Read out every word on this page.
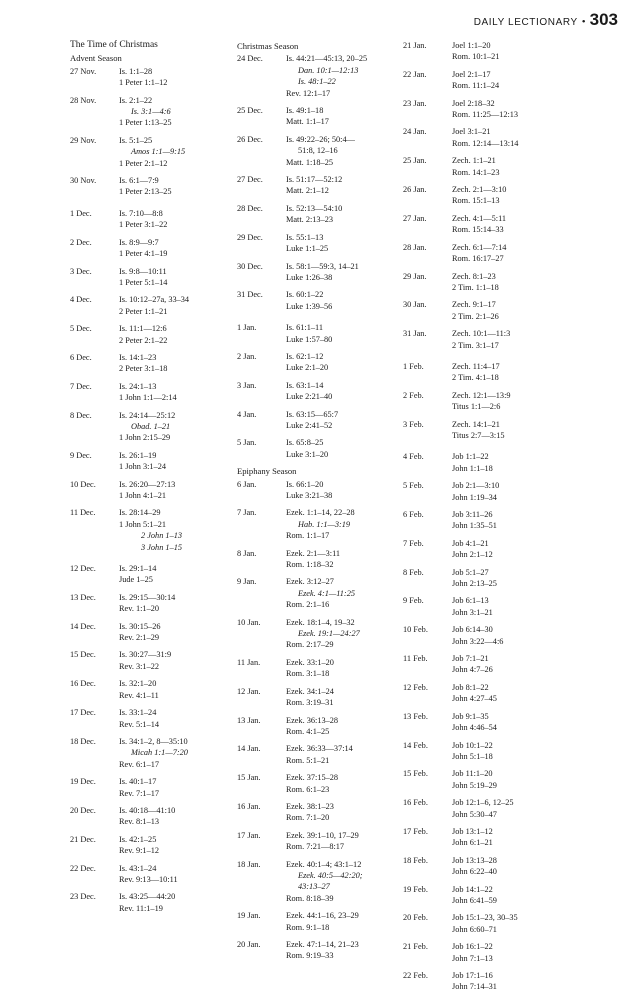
DAILY LECTIONARY • 303
The Time of Christmas
Advent Season
27 Nov.	Is. 1:1–28
1 Peter 1:1–12
28 Nov.	Is. 2:1–22
Is. 3:1—4:6
1 Peter 1:13–25
29 Nov.	Is. 5:1–25
Amos 1:1—9:15
1 Peter 2:1–12
30 Nov.	Is. 6:1—7:9
1 Peter 2:13–25
1 Dec.	Is. 7:10—8:8
1 Peter 3:1–22
2 Dec.	Is. 8:9—9:7
1 Peter 4:1–19
3 Dec.	Is. 9:8—10:11
1 Peter 5:1–14
4 Dec.	Is. 10:12–27a, 33–34
2 Peter 1:1–21
5 Dec.	Is. 11:1—12:6
2 Peter 2:1–22
6 Dec.	Is. 14:1–23
2 Peter 3:1–18
7 Dec.	Is. 24:1–13
1 John 1:1—2:14
8 Dec.	Is. 24:14—25:12
Obad. 1–21
1 John 2:15–29
9 Dec.	Is. 26:1–19
1 John 3:1–24
10 Dec.	Is. 26:20—27:13
1 John 4:1–21
11 Dec.	Is. 28:14–29
1 John 5:1–21
2 John 1–13
3 John 1–15
12 Dec.	Is. 29:1–14
Jude 1–25
13 Dec.	Is. 29:15—30:14
Rev. 1:1–20
14 Dec.	Is. 30:15–26
Rev. 2:1–29
15 Dec.	Is. 30:27—31:9
Rev. 3:1–22
16 Dec.	Is. 32:1–20
Rev. 4:1–11
17 Dec.	Is. 33:1–24
Rev. 5:1–14
18 Dec.	Is. 34:1–2, 8—35:10
Micah 1:1—7:20
Rev. 6:1–17
19 Dec.	Is. 40:1–17
Rev. 7:1–17
20 Dec.	Is. 40:18—41:10
Rev. 8:1–13
21 Dec.	Is. 42:1–25
Rev. 9:1–12
22 Dec.	Is. 43:1–24
Rev. 9:13—10:11
23 Dec.	Is. 43:25—44:20
Rev. 11:1–19
Christmas Season
24 Dec.	Is. 44:21—45:13, 20–25
Dan. 10:1—12:13
Is. 48:1–22
Rev. 12:1–17
25 Dec.	Is. 49:1–18
Matt. 1:1–17
26 Dec.	Is. 49:22–26; 50:4—
51:8, 12–16
Matt. 1:18–25
27 Dec.	Is. 51:17—52:12
Matt. 2:1–12
28 Dec.	Is. 52:13—54:10
Matt. 2:13–23
29 Dec.	Is. 55:1–13
Luke 1:1–25
30 Dec.	Is. 58:1—59:3, 14–21
Luke 1:26–38
31 Dec.	Is. 60:1–22
Luke 1:39–56
1 Jan.	Is. 61:1–11
Luke 1:57–80
2 Jan.	Is. 62:1–12
Luke 2:1–20
3 Jan.	Is. 63:1–14
Luke 2:21–40
4 Jan.	Is. 63:15—65:7
Luke 2:41–52
5 Jan.	Is. 65:8–25
Luke 3:1–20
Epiphany Season
6 Jan.	Is. 66:1–20
Luke 3:21–38
7 Jan.	Ezek. 1:1–14, 22–28
Hab. 1:1—3:19
Rom. 1:1–17
8 Jan.	Ezek. 2:1—3:11
Rom. 1:18–32
9 Jan.	Ezek. 3:12–27
Ezek. 4:1—11:25
Rom. 2:1–16
10 Jan.	Ezek. 18:1–4, 19–32
Ezek. 19:1—24:27
Rom. 2:17–29
11 Jan.	Ezek. 33:1–20
Rom. 3:1–18
12 Jan.	Ezek. 34:1–24
Rom. 3:19–31
13 Jan.	Ezek. 36:13–28
Rom. 4:1–25
14 Jan.	Ezek. 36:33—37:14
Rom. 5:1–21
15 Jan.	Ezek. 37:15–28
Rom. 6:1–23
16 Jan.	Ezek. 38:1–23
Rom. 7:1–20
17 Jan.	Ezek. 39:1–10, 17–29
Rom. 7:21—8:17
18 Jan.	Ezek. 40:1–4; 43:1–12
Ezek. 40:5—42:20;
43:13–27
Rom. 8:18–39
19 Jan.	Ezek. 44:1–16, 23–29
Rom. 9:1–18
20 Jan.	Ezek. 47:1–14, 21–23
Rom. 9:19–33
21 Jan.	Joel 1:1–20
Rom. 10:1–21
22 Jan.	Joel 2:1–17
Rom. 11:1–24
23 Jan.	Joel 2:18–32
Rom. 11:25—12:13
24 Jan.	Joel 3:1–21
Rom. 12:14—13:14
25 Jan.	Zech. 1:1–21
Rom. 14:1–23
26 Jan.	Zech. 2:1—3:10
Rom. 15:1–13
27 Jan.	Zech. 4:1—5:11
Rom. 15:14–33
28 Jan.	Zech. 6:1—7:14
Rom. 16:17–27
29 Jan.	Zech. 8:1–23
2 Tim. 1:1–18
30 Jan.	Zech. 9:1–17
2 Tim. 2:1–26
31 Jan.	Zech. 10:1—11:3
2 Tim. 3:1–17
1 Feb.	Zech. 11:4–17
2 Tim. 4:1–18
2 Feb.	Zech. 12:1—13:9
Titus 1:1—2:6
3 Feb.	Zech. 14:1–21
Titus 2:7—3:15
4 Feb.	Job 1:1–22
John 1:1–18
5 Feb.	Job 2:1—3:10
John 1:19–34
6 Feb.	Job 3:11–26
John 1:35–51
7 Feb.	Job 4:1–21
John 2:1–12
8 Feb.	Job 5:1–27
John 2:13–25
9 Feb.	Job 6:1–13
John 3:1–21
10 Feb.	Job 6:14–30
John 3:22—4:6
11 Feb.	Job 7:1–21
John 4:7–26
12 Feb.	Job 8:1–22
John 4:27–45
13 Feb.	Job 9:1–35
John 4:46–54
14 Feb.	Job 10:1–22
John 5:1–18
15 Feb.	Job 11:1–20
John 5:19–29
16 Feb.	Job 12:1–6, 12–25
John 5:30–47
17 Feb.	Job 13:1–12
John 6:1–21
18 Feb.	Job 13:13–28
John 6:22–40
19 Feb.	Job 14:1–22
John 6:41–59
20 Feb.	Job 15:1–23, 30–35
John 6:60–71
21 Feb.	Job 16:1–22
John 7:1–13
22 Feb.	Job 17:1–16
John 7:14–31
